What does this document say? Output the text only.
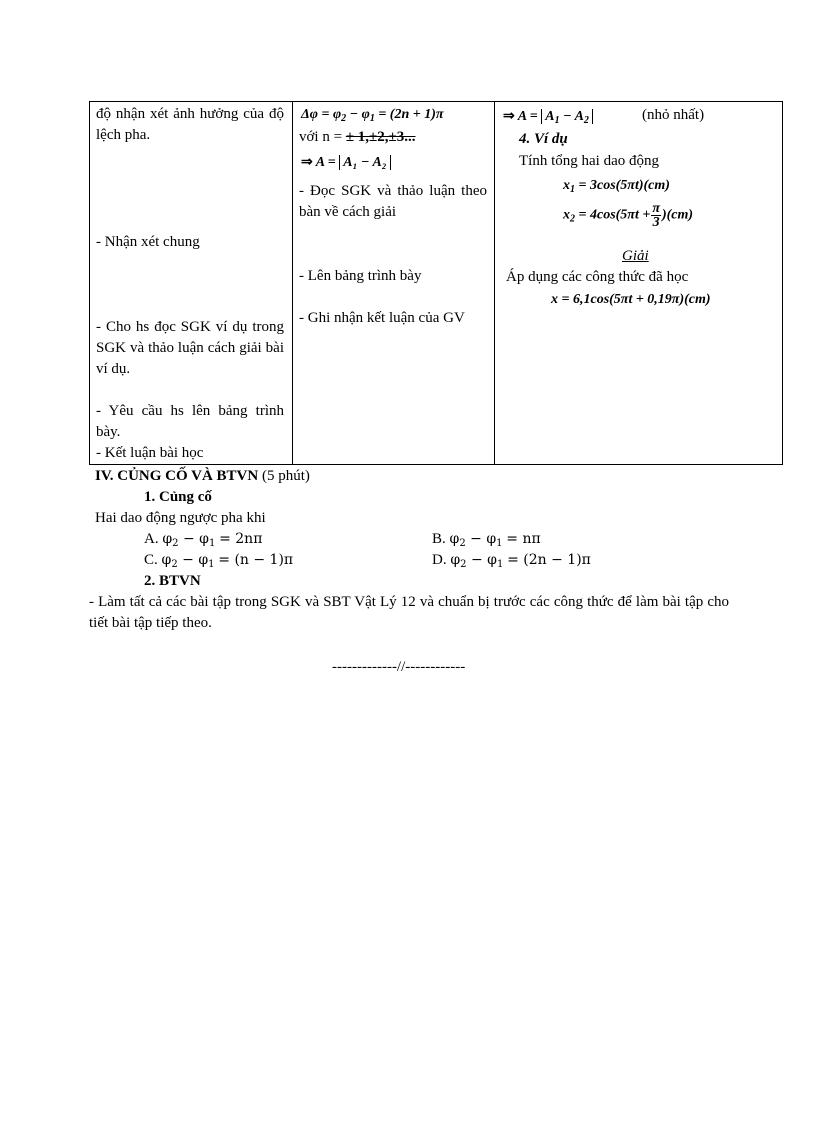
độ nhận xét ảnh hưởng của độ lệch pha.
- Nhận xét chung
- Cho hs đọc SGK ví dụ trong SGK và thảo luận cách giải bài ví dụ.
- Yêu cầu hs lên bảng trình bày.
- Kết luận bài học

$\Delta\varphi = \varphi_2 - \varphi_1 = (2n + 1)\pi$
với n = ± 1,±2,±3...
⇒ A = A₁ − A₂
- Đọc SGK và thảo luận theo bàn về cách giải
- Lên bảng trình bày
- Ghi nhận kết luận của GV

⇒ $A = A_1 - A_2$	(nhỏ nhất)
4. Ví dụ
Tính tổng hai dao động
$x_1 = 3\cos(5\pi t)(cm)$
$x_2 = 4\cos(5\pi t + \frac{\pi}{3} )(cm)$
Giải
Áp dụng các công thức đã học
x = 6,1cos(5πt + 0,19π)(cm)
IV. CỦNG CỐ VÀ BTVN (5 phút)
1. Củng cố
Hai dao động ngược pha khi
A. $\varphi_2 - \varphi_1 = 2n\pi$	B. $\varphi_2 - \varphi_1 = n\pi$
C. $\varphi_2 - \varphi_1 = (n - 1)\pi$	D. $\varphi_2 - \varphi_1 = (2n - 1)\pi$
2. BTVN
- Làm tất cả các bài tập trong SGK và SBT Vật Lý 12 và chuẩn bị trước các công thức để làm bài tập cho tiết bài tập tiếp theo.
-------------//------------
